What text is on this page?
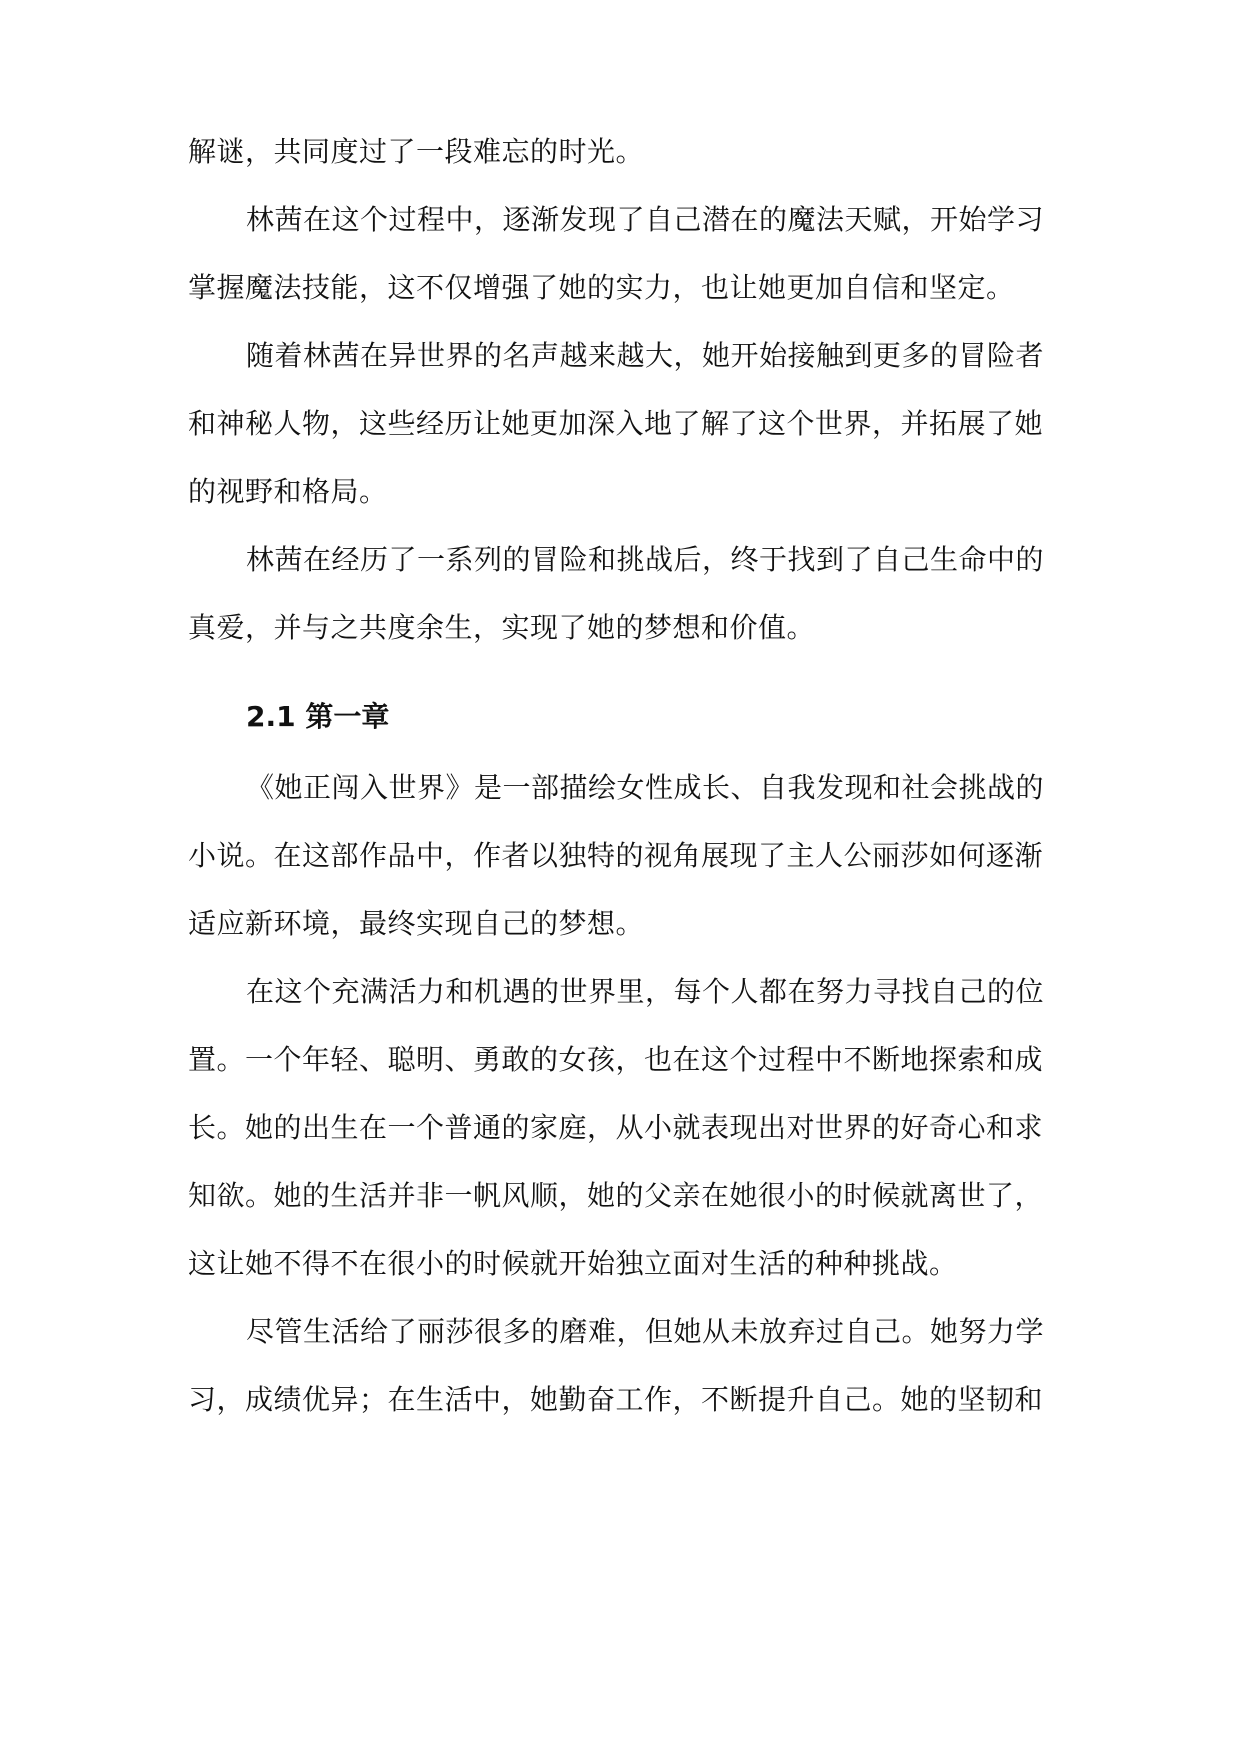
解谜，共同度过了一段难忘的时光。
林茜在这个过程中，逐渐发现了自己潜在的魔法天赋，开始学习
掌握魔法技能，这不仅增强了她的实力，也让她更加自信和坚定。
随着林茜在异世界的名声越来越大，她开始接触到更多的冒险者
和神秘人物，这些经历让她更加深入地了解了这个世界，并拓展了她
的视野和格局。
林茜在经历了一系列的冒险和挑战后，终于找到了自己生命中的
真爱，并与之共度余生，实现了她的梦想和价值。
2.1 第一章
《她正闯入世界》是一部描绘女性成长、自我发现和社会挑战的
小说。在这部作品中，作者以独特的视角展现了主人公丽莎如何逐渐
适应新环境，最终实现自己的梦想。
在这个充满活力和机遇的世界里，每个人都在努力寻找自己的位
置。一个年轻、聪明、勇敢的女孩，也在这个过程中不断地探索和成
长。她的出生在一个普通的家庭，从小就表现出对世界的好奇心和求
知欲。她的生活并非一帆风顺，她的父亲在她很小的时候就离世了，
这让她不得不在很小的时候就开始独立面对生活的种种挑战。
尽管生活给了丽莎很多的磨难，但她从未放弃过自己。她努力学
习，成绩优异；在生活中，她勤奋工作，不断提升自己。她的坚韧和
